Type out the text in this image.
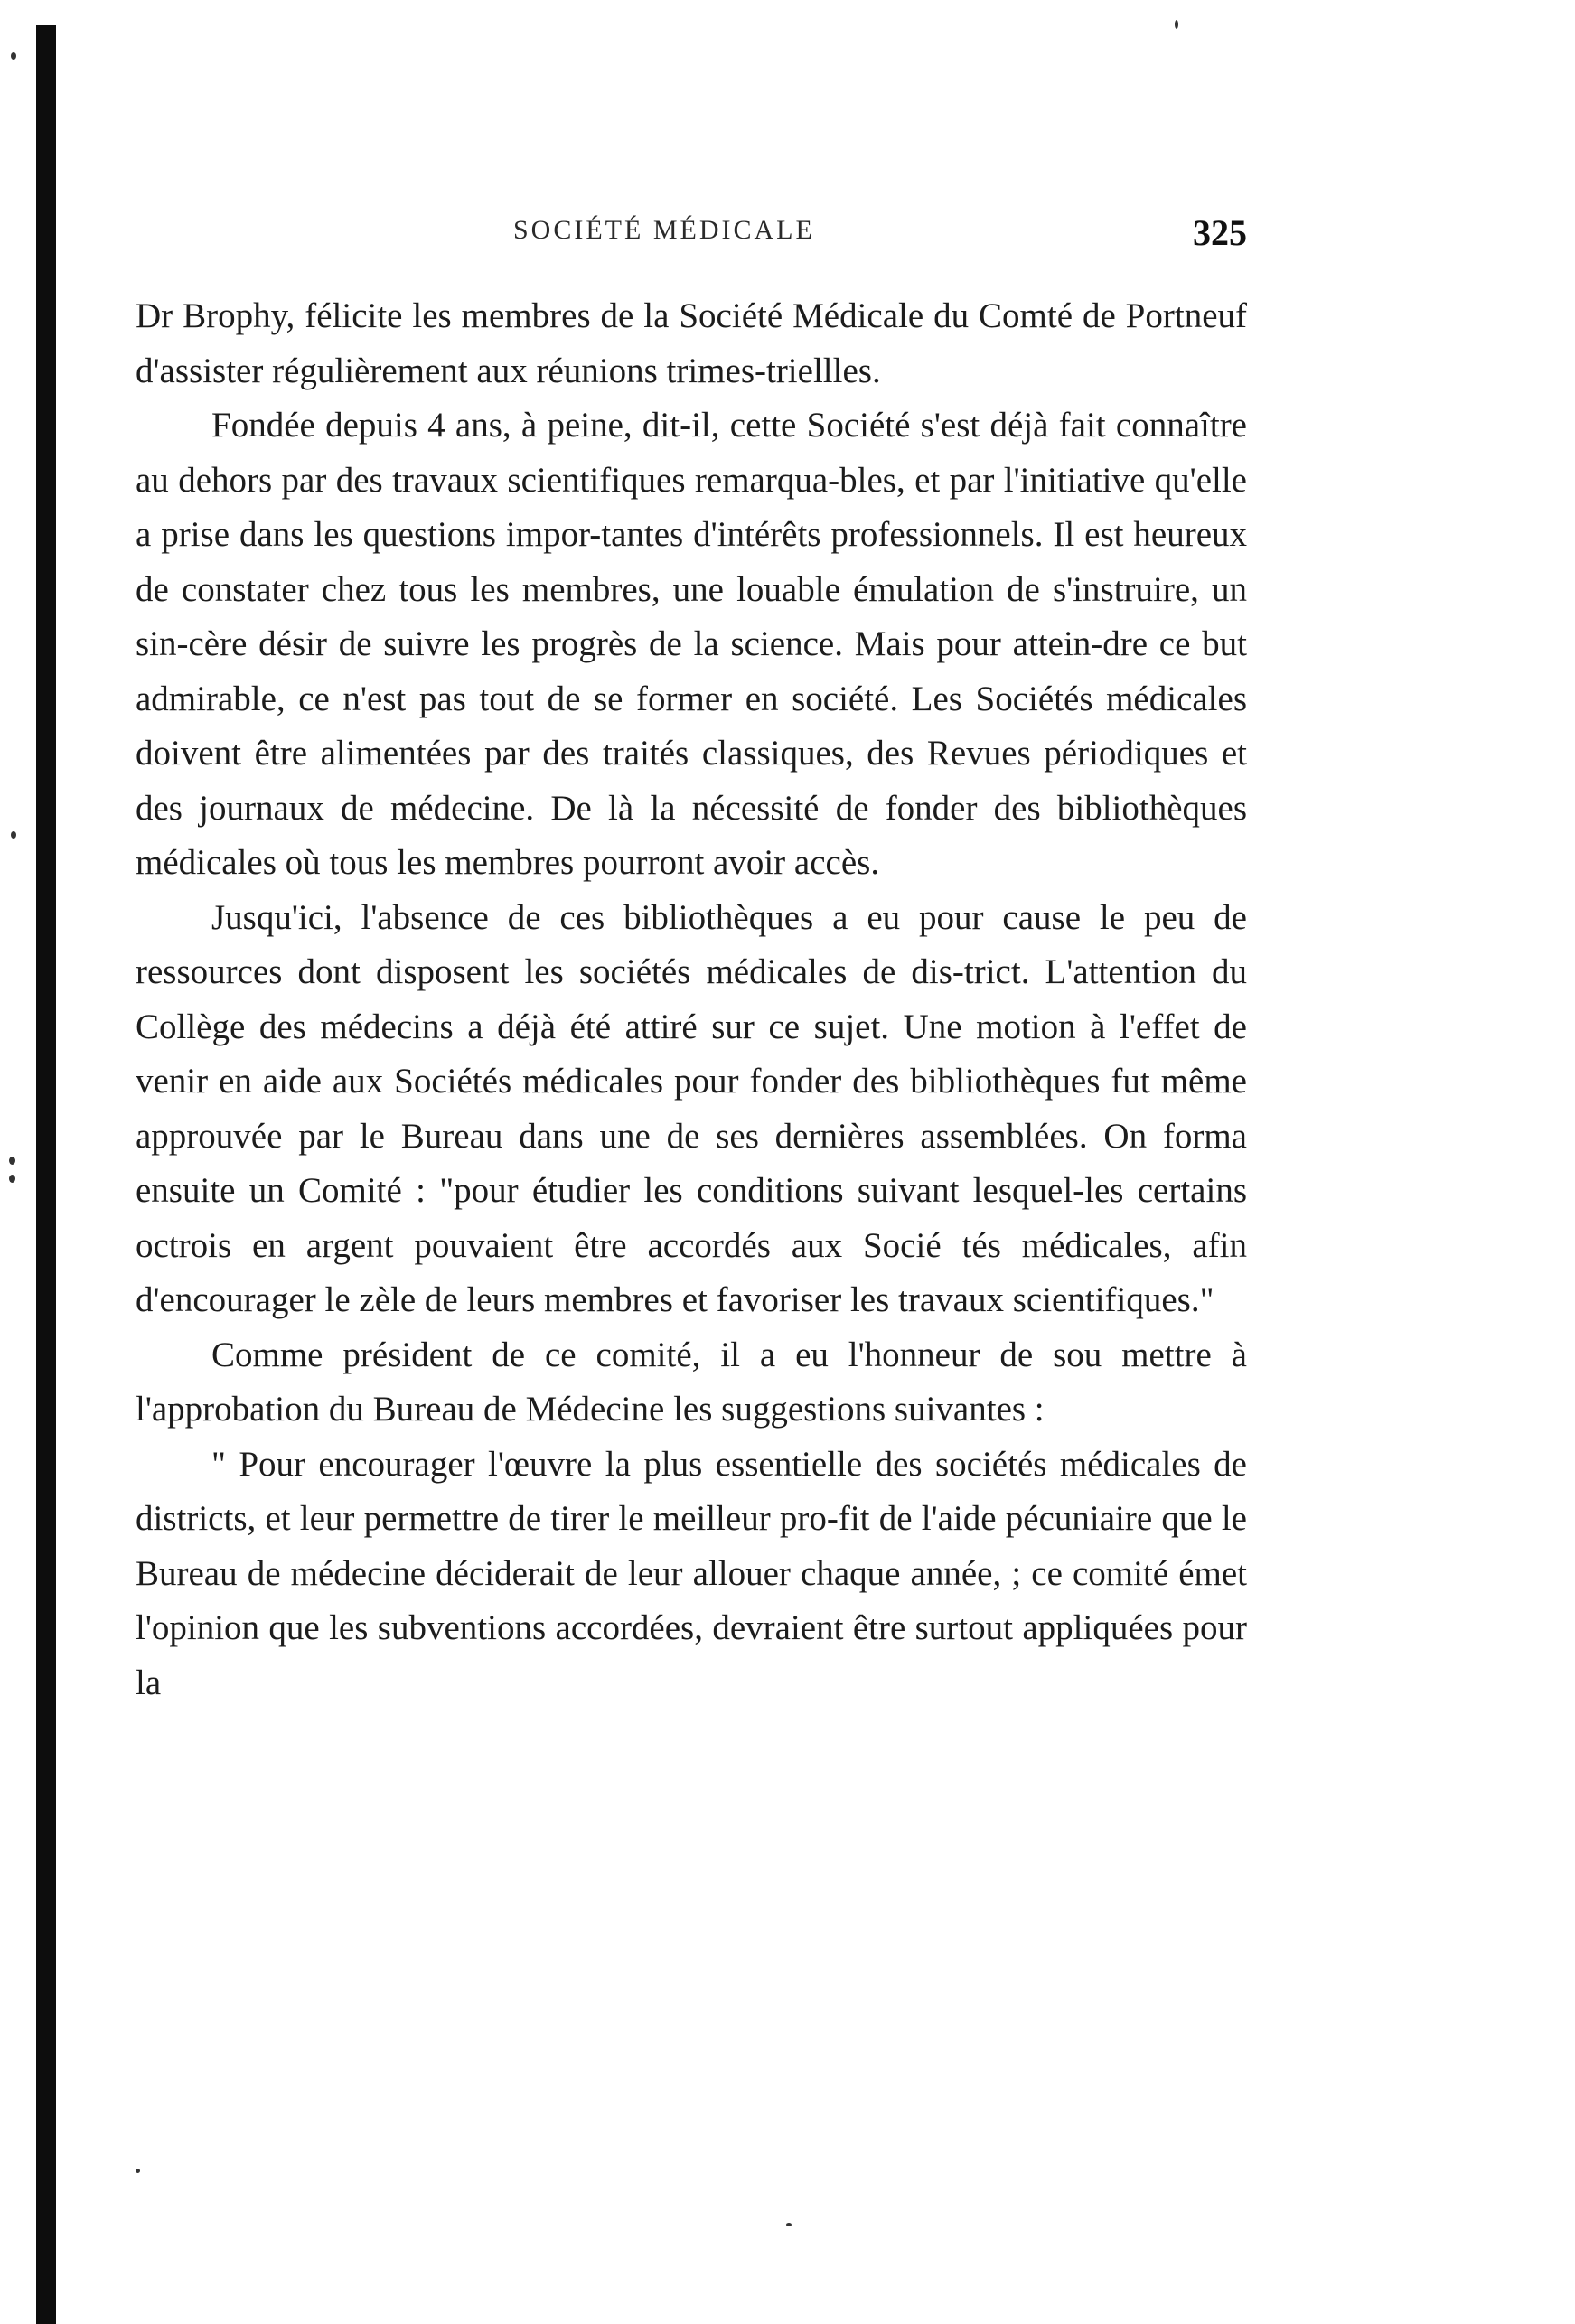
SOCIÉTÉ MÉDICALE	325

Dr Brophy, félicite les membres de la Société Médicale du Comté de Portneuf d'assister régulièrement aux réunions trimes-triellles.

Fondée depuis 4 ans, à peine, dit-il, cette Société s'est déjà fait connaître au dehors par des travaux scientifiques remarqua-bles, et par l'initiative qu'elle a prise dans les questions impor-tantes d'intérêts professionnels. Il est heureux de constater chez tous les membres, une louable émulation de s'instruire, un sin-cère désir de suivre les progrès de la science. Mais pour attein-dre ce but admirable, ce n'est pas tout de se former en société. Les Sociétés médicales doivent être alimentées par des traités classiques, des Revues périodiques et des journaux de médecine. De là la nécessité de fonder des bibliothèques médicales où tous les membres pourront avoir accès.

Jusqu'ici, l'absence de ces bibliothèques a eu pour cause le peu de ressources dont disposent les sociétés médicales de dis-trict. L'attention du Collège des médecins a déjà été attiré sur ce sujet. Une motion à l'effet de venir en aide aux Sociétés médicales pour fonder des bibliothèques fut même approuvée par le Bureau dans une de ses dernières assemblées. On forma ensuite un Comité : "pour étudier les conditions suivant lesquel-les certains octrois en argent pouvaient être accordés aux Socié tés médicales, afin d'encourager le zèle de leurs membres et favoriser les travaux scientifiques."

Comme président de ce comité, il a eu l'honneur de sou mettre à l'approbation du Bureau de Médecine les suggestions suivantes :

" Pour encourager l'œuvre la plus essentielle des sociétés médicales de districts, et leur permettre de tirer le meilleur pro-fit de l'aide pécuniaire que le Bureau de médecine déciderait de leur allouer chaque année, ; ce comité émet l'opinion que les subventions accordées, devraient être surtout appliquées pour la
